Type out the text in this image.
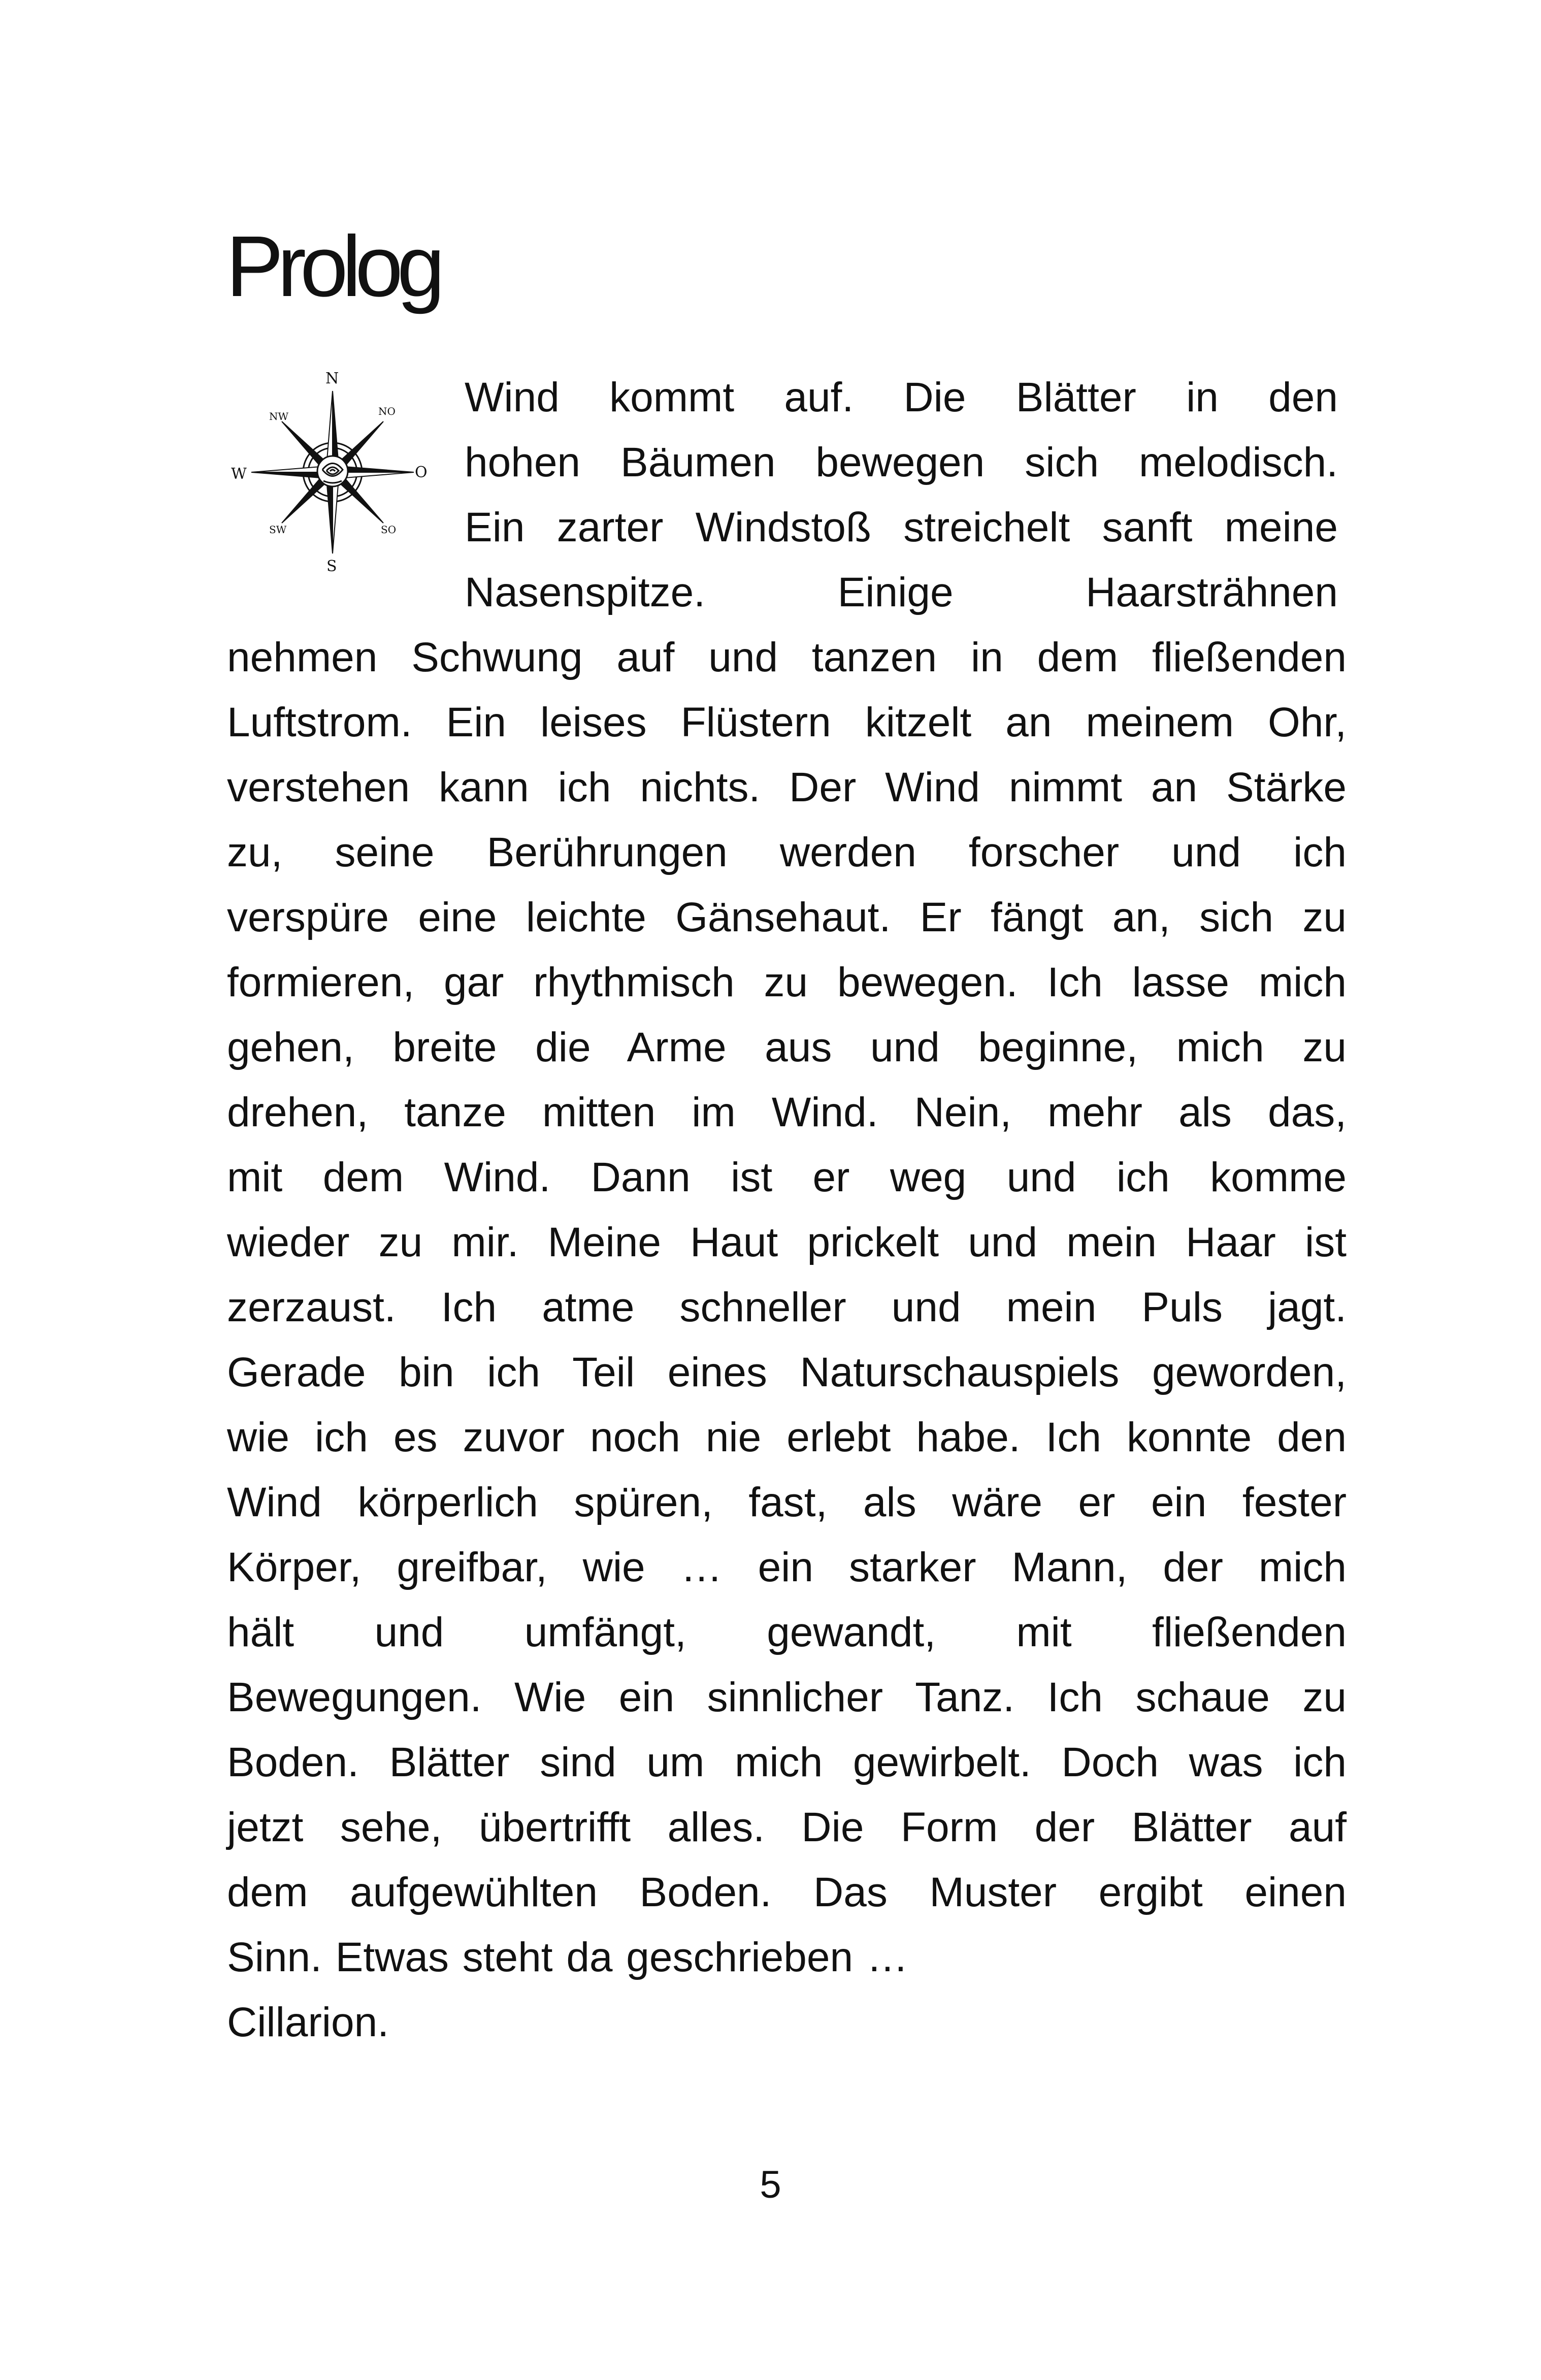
Prolog
N
O
W
S
NW	NO
SW	SO
Wind kommt auf. Die Blätter in den
hohen Bäumen bewegen sich melodisch.
Ein zarter Windstoß streichelt sanft meine
Nasenspitze. Einige Haarsträhnen
nehmen Schwung auf und tanzen in dem fließenden
Luftstrom. Ein leises Flüstern kitzelt an meinem Ohr,
verstehen kann ich nichts. Der Wind nimmt an Stärke
zu, seine Berührungen werden forscher und ich
verspüre eine leichte Gänsehaut. Er fängt an, sich zu
formieren, gar rhythmisch zu bewegen. Ich lasse mich
gehen, breite die Arme aus und beginne, mich zu
drehen, tanze mitten im Wind. Nein, mehr als das,
mit dem Wind. Dann ist er weg und ich komme
wieder zu mir. Meine Haut prickelt und mein Haar ist
zerzaust. Ich atme schneller und mein Puls jagt.
Gerade bin ich Teil eines Naturschauspiels geworden,
wie ich es zuvor noch nie erlebt habe. Ich konnte den
Wind körperlich spüren, fast, als wäre er ein fester
Körper, greifbar, wie … ein starker Mann, der mich
hält und umfängt, gewandt, mit fließenden
Bewegungen. Wie ein sinnlicher Tanz. Ich schaue zu
Boden. Blätter sind um mich gewirbelt. Doch was ich
jetzt sehe, übertrifft alles. Die Form der Blätter auf
dem aufgewühlten Boden. Das Muster ergibt einen
Sinn. Etwas steht da geschrieben …
Cillarion.
5
